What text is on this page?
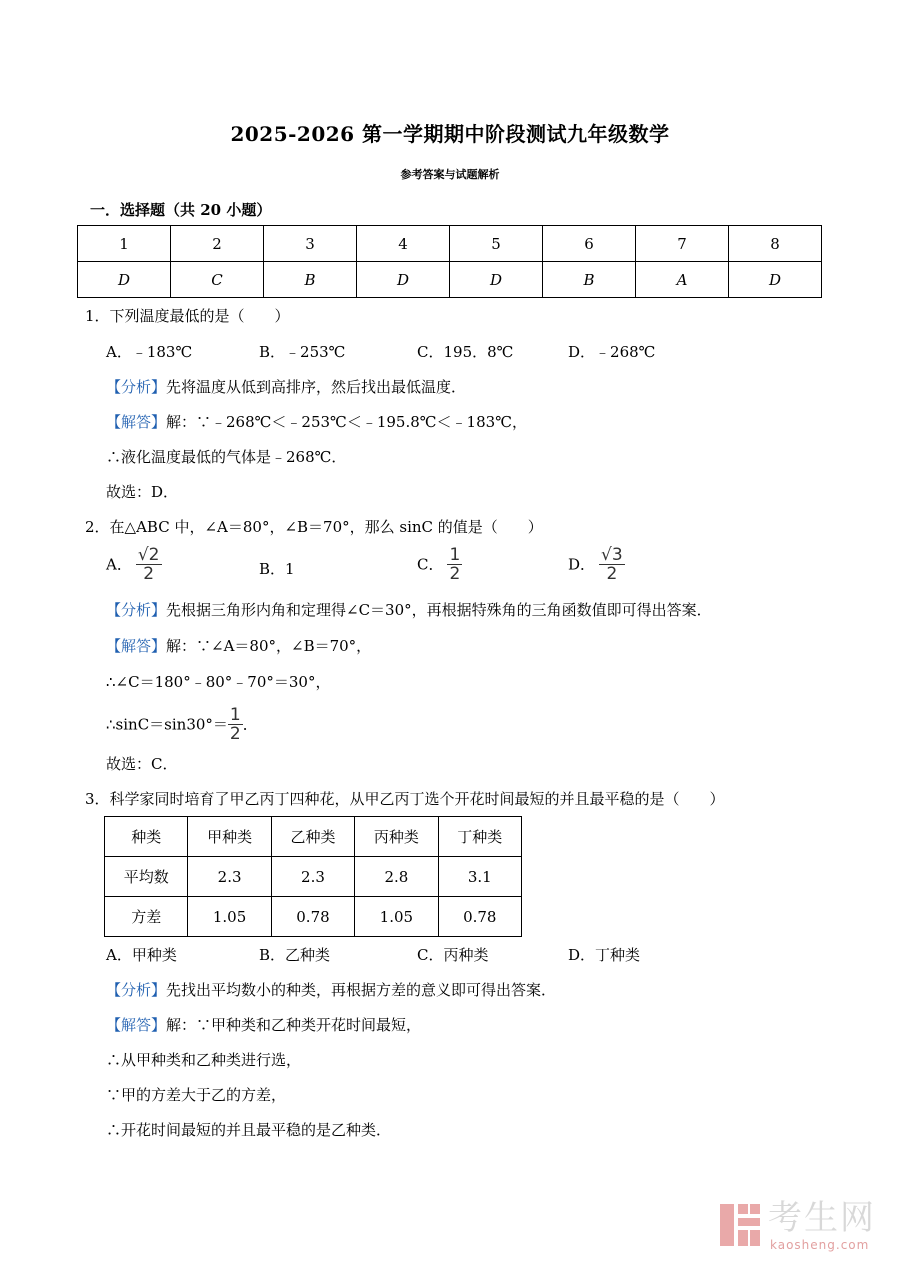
2025-2026 第一学期期中阶段测试九年级数学
参考答案与试题解析
一．选择题（共 20 小题）
1	2	3	4	5	6	7	8
D	C	B	D	D	B	A	D
1．下列温度最低的是（　　）
A．﹣183℃	B．﹣253℃	C．195．8℃	D．﹣268℃
【分析】先将温度从低到高排序，然后找出最低温度．
【解答】解：∵﹣268℃＜﹣253℃＜﹣195.8℃＜﹣183℃，
∴液化温度最低的气体是﹣268℃．
故选：D．
2．在△ABC 中，∠A＝80°，∠B＝70°，那么 sinC 的值是（　　）
A． $\frac{√2}{2}$	B．1	C． $\frac{1}{2}$	D． $\frac{√3}{2}$
【分析】先根据三角形内角和定理得∠C＝30°，再根据特殊角的三角函数值即可得出答案．
【解答】解：∵∠A＝80°，∠B＝70°，
∴∠C＝180°﹣80°﹣70°＝30°，
∴sinC＝sin30°＝ $\frac{1}{2}$ ．
故选：C．
3．科学家同时培育了甲乙丙丁四种花，从甲乙丙丁选个开花时间最短的并且最平稳的是（　　）
种类	甲种类	乙种类	丙种类	丁种类
平均数	2.3	2.3	2.8	3.1
方差	1.05	0.78	1.05	0.78
A．甲种类	B．乙种类	C．丙种类	D．丁种类
【分析】先找出平均数小的种类，再根据方差的意义即可得出答案．
【解答】解：∵甲种类和乙种类开花时间最短，
∴从甲种类和乙种类进行选，
∵甲的方差大于乙的方差，
∴开花时间最短的并且最平稳的是乙种类．
考生网
kaosheng.com
